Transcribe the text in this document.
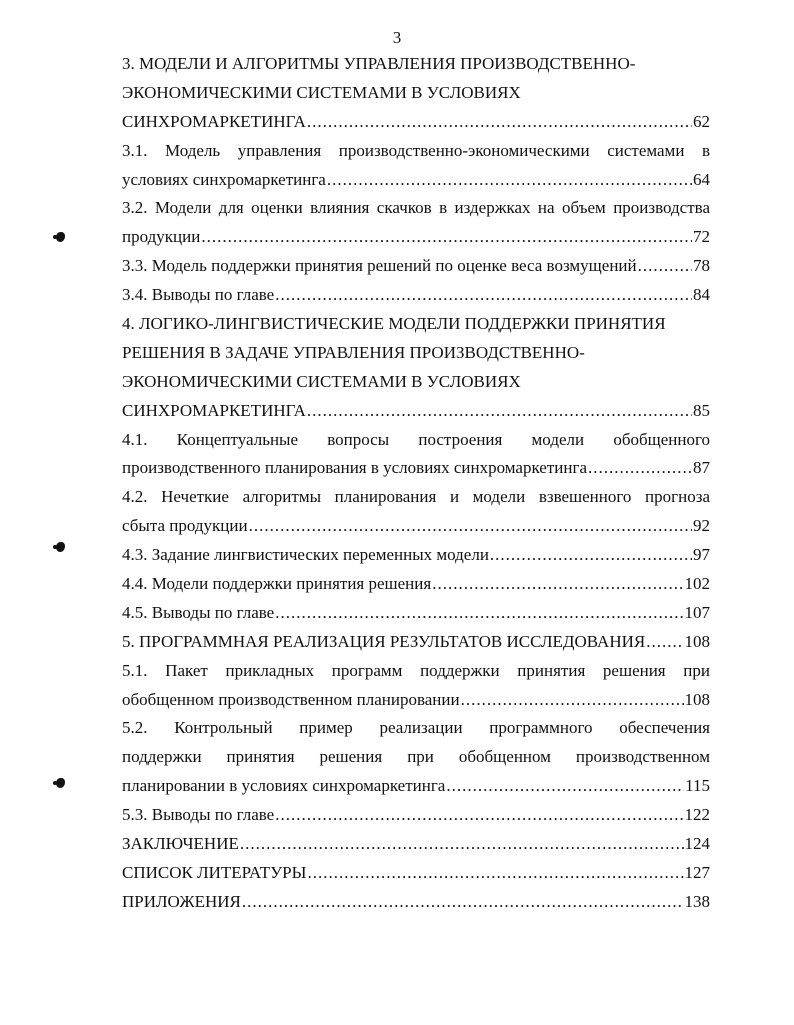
3
3. МОДЕЛИ И АЛГОРИТМЫ УПРАВЛЕНИЯ ПРОИЗВОДСТВЕННО-
ЭКОНОМИЧЕСКИМИ СИСТЕМАМИ В УСЛОВИЯХ
СИНХРОМАРКЕТИНГА .....	62
3.1. Модель управления производственно-экономическими системами в
условиях синхромаркетинга .....	64
3.2. Модели для оценки влияния скачков в издержках на объем производства
продукции .....	72
3.3. Модель поддержки принятия решений по оценке веса возмущений .....	78
3.4. Выводы по главе .....	84
4. ЛОГИКО-ЛИНГВИСТИЧЕСКИЕ МОДЕЛИ ПОДДЕРЖКИ ПРИНЯТИЯ
РЕШЕНИЯ В ЗАДАЧЕ УПРАВЛЕНИЯ ПРОИЗВОДСТВЕННО-
ЭКОНОМИЧЕСКИМИ СИСТЕМАМИ В УСЛОВИЯХ
СИНХРОМАРКЕТИНГА .....	85
4.1. Концептуальные вопросы построения модели обобщенного
производственного планирования в условиях синхромаркетинга .....	87
4.2. Нечеткие алгоритмы планирования и модели взвешенного прогноза
сбыта продукции .....	92
4.3. Задание лингвистических переменных модели .....	97
4.4. Модели поддержки принятия решения .....	102
4.5. Выводы по главе .....	107
5. ПРОГРАММНАЯ РЕАЛИЗАЦИЯ РЕЗУЛЬТАТОВ ИССЛЕДОВАНИЯ ..... 108
5.1. Пакет прикладных программ поддержки принятия решения при
обобщенном производственном планировании .....	108
5.2. Контрольный пример реализации программного обеспечения
поддержки принятия решения при обобщенном производственном
планировании в условиях синхромаркетинга .....	115
5.3. Выводы по главе .....	122
ЗАКЛЮЧЕНИЕ .....	124
СПИСОК ЛИТЕРАТУРЫ .....	127
ПРИЛОЖЕНИЯ .....	138
